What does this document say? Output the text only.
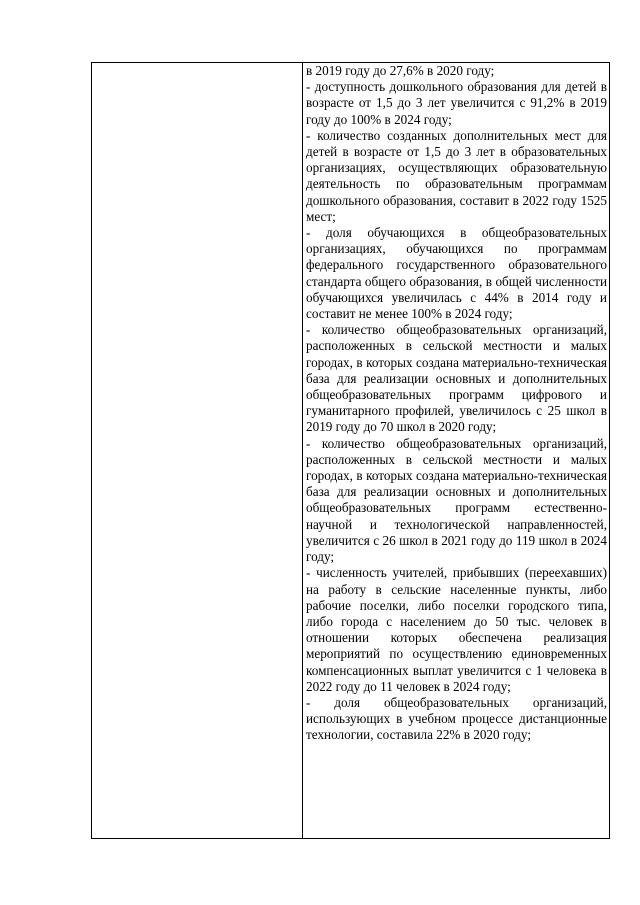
в 2019 году до 27,6% в 2020 году;

- доступность дошкольного образования для детей в возрасте от 1,5 до 3 лет увеличится с 91,2% в 2019 году до 100% в 2024 году;

- количество созданных дополнительных мест для детей в возрасте от 1,5 до 3 лет в образовательных организациях, осуществляющих образовательную деятельность по образовательным программам дошкольного образования, составит в 2022 году 1525 мест;

- доля обучающихся в общеобразовательных организациях, обучающихся по программам федерального государственного образовательного стандарта общего образования, в общей численности обучающихся увеличилась с 44% в 2014 году и составит не менее 100% в 2024 году;

- количество общеобразовательных организаций, расположенных в сельской местности и малых городах, в которых создана материально-техническая база для реализации основных и дополнительных общеобразовательных программ цифрового и гуманитарного профилей, увеличилось с 25 школ в 2019 году до 70 школ в 2020 году;

- количество общеобразовательных организаций, расположенных в сельской местности и малых городах, в которых создана материально-техническая база для реализации основных и дополнительных общеобразовательных программ естественно-научной и технологической направленностей, увеличится с 26 школ в 2021 году до 119 школ в 2024 году;

- численность учителей, прибывших (переехавших) на работу в сельские населенные пункты, либо рабочие поселки, либо поселки городского типа, либо города с населением до 50 тыс. человек в отношении которых обеспечена реализация мероприятий по осуществлению единовременных компенсационных выплат увеличится с 1 человека в 2022 году до 11 человек в 2024 году;

- доля общеобразовательных организаций, использующих в учебном процессе дистанционные технологии, составила 22% в 2020 году;
